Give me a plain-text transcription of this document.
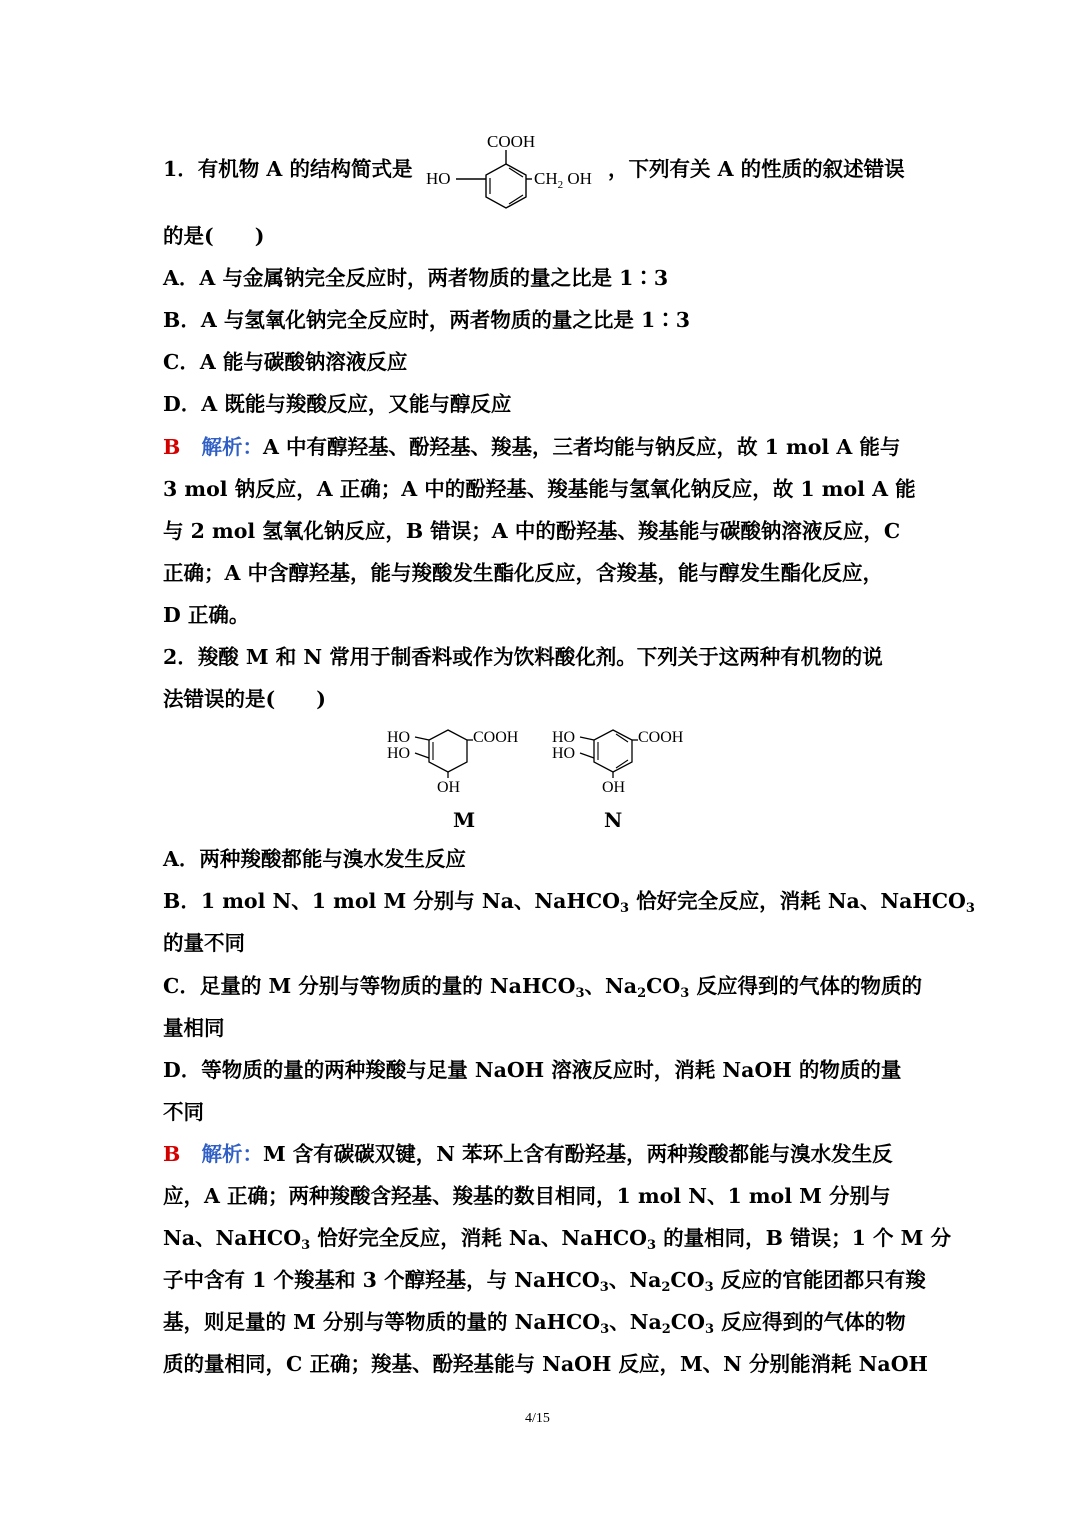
1．有机物 A 的结构简式是
COOH
HO	$CH_2$ OH ，下列有关 A 的性质的叙述错误
的是(　　)
A．A 与金属钠完全反应时，两者物质的量之比是 1∶3
B．A 与氢氧化钠完全反应时，两者物质的量之比是 1∶3
C．A 能与碳酸钠溶液反应
D．A 既能与羧酸反应，又能与醇反应
B 解析：A 中有醇羟基、酚羟基、羧基，三者均能与钠反应，故 1 mol A 能与
3 mol 钠反应，A 正确；A 中的酚羟基、羧基能与氢氧化钠反应，故 1 mol A 能
与 2 mol 氢氧化钠反应，B 错误；A 中的酚羟基、羧基能与碳酸钠溶液反应，C
正确；A 中含醇羟基，能与羧酸发生酯化反应，含羧基，能与醇发生酯化反应，
D 正确。
2．羧酸 M 和 N 常用于制香料或作为饮料酸化剂。下列关于这两种有机物的说
法错误的是(　　)
HO
HO
COOH
OH
HO
HO
COOH
OH
M	N
A．两种羧酸都能与溴水发生反应
B．1 mol N、1 mol M 分别与 Na、NaHCO$_3$ 恰好完全反应，消耗 Na、NaHCO$_3$
的量不同
C．足量的 M 分别与等物质的量的 NaHCO$_3$、$Na_2CO_3$ 反应得到的气体的物质的
量相同
D．等物质的量的两种羧酸与足量 NaOH 溶液反应时，消耗 NaOH 的物质的量
不同
B 解析：M 含有碳碳双键，N 苯环上含有酚羟基，两种羧酸都能与溴水发生反
应，A 正确；两种羧酸含羟基、羧基的数目相同，1 mol N、1 mol M 分别与
Na、NaHCO$_3$ 恰好完全反应，消耗 Na、NaHCO$_3$ 的量相同，B 错误；1 个 M 分
子中含有 1 个羧基和 3 个醇羟基，与 NaHCO$_3$、$Na_2CO_3$ 反应的官能团都只有羧
基，则足量的 M 分别与等物质的量的 NaHCO$_3$、$Na_2CO_3$ 反应得到的气体的物
质的量相同，C 正确；羧基、酚羟基能与 NaOH 反应，M、N 分别能消耗 NaOH
4/15
